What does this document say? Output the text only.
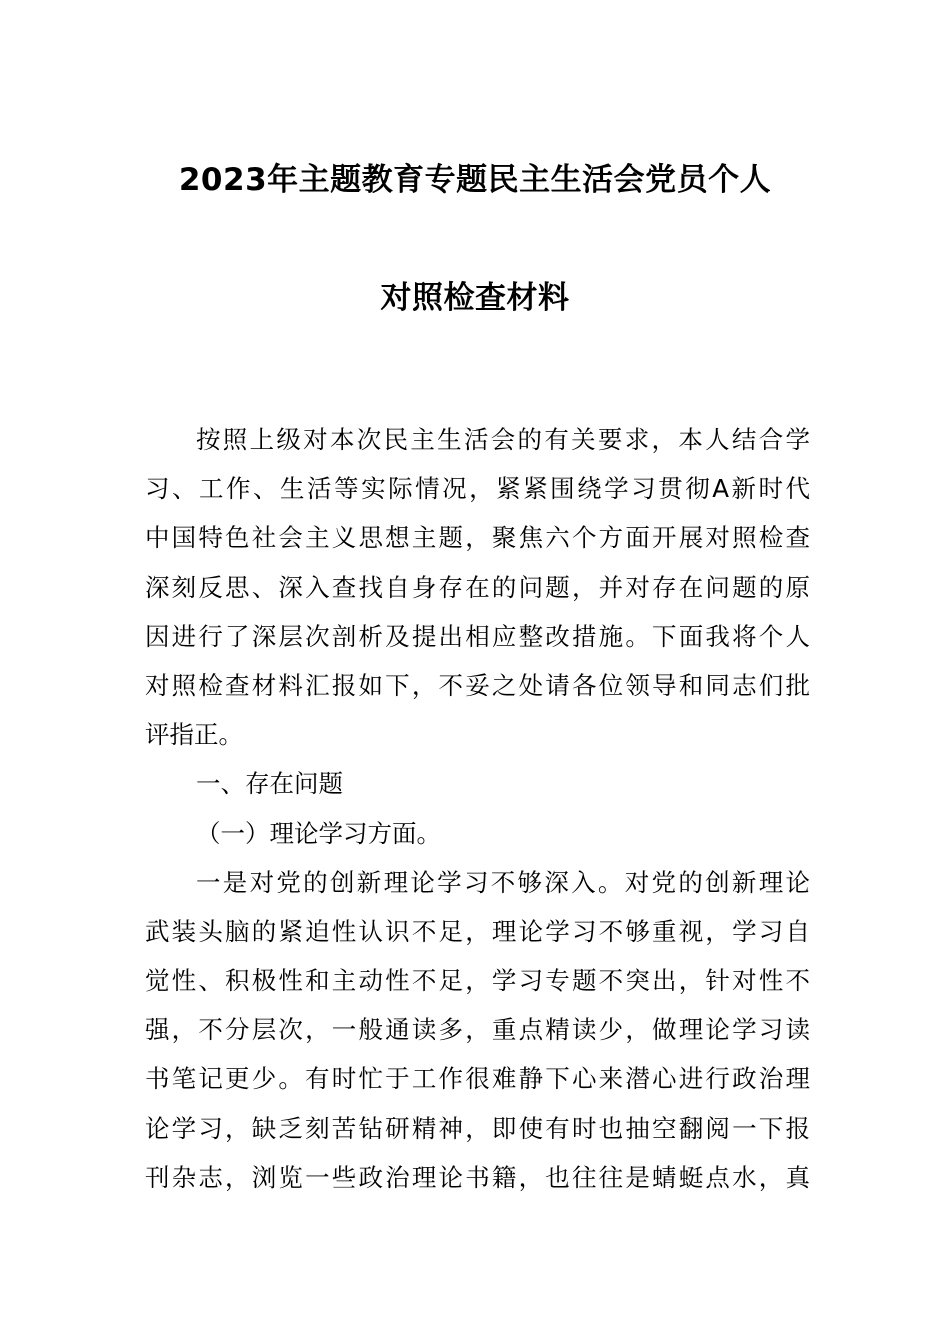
2023年主题教育专题民主生活会党员个人
对照检查材料
按照上级对本次民主生活会的有关要求，本人结合学
习、工作、生活等实际情况，紧紧围绕学习贯彻A新时代
中国特色社会主义思想主题，聚焦六个方面开展对照检查
深刻反思、深入查找自身存在的问题，并对存在问题的原
因进行了深层次剖析及提出相应整改措施。下面我将个人
对照检查材料汇报如下，不妥之处请各位领导和同志们批
评指正。
一、存在问题
（一）理论学习方面。
一是对党的创新理论学习不够深入。对党的创新理论
武装头脑的紧迫性认识不足，理论学习不够重视，学习自
觉性、积极性和主动性不足，学习专题不突出，针对性不
强，不分层次，一般通读多，重点精读少，做理论学习读
书笔记更少。有时忙于工作很难静下心来潜心进行政治理
论学习，缺乏刻苦钻研精神，即使有时也抽空翻阅一下报
刊杂志，浏览一些政治理论书籍，也往往是蜻蜓点水，真
